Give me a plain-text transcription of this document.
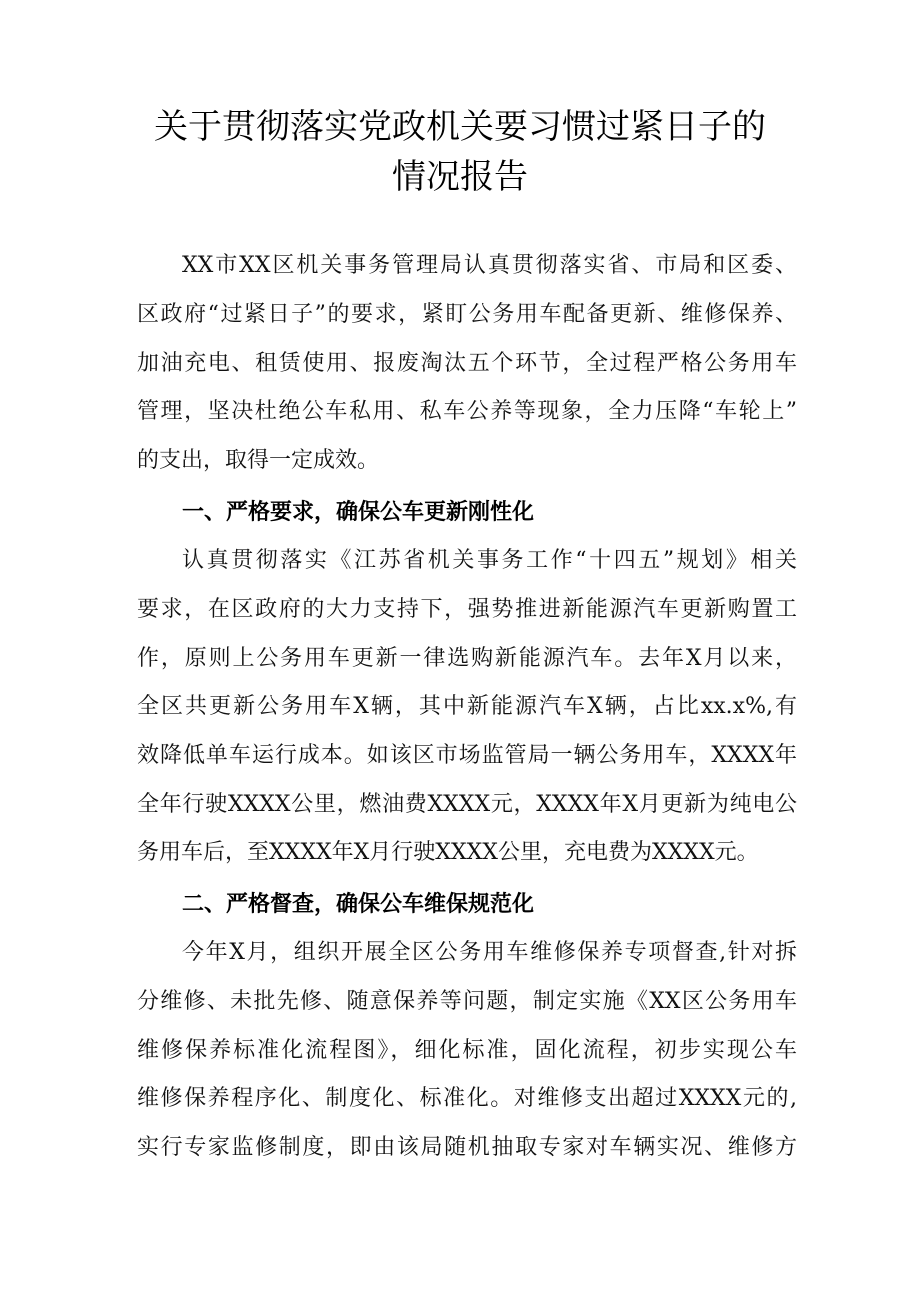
关于贯彻落实党政机关要习惯过紧日子的
情况报告

XX市XX区机关事务管理局认真贯彻落实省、市局和区委、

区政府“过紧日子”的要求，紧盯公务用车配备更新、维修保养、

加油充电、租赁使用、报废淘汰五个环节，全过程严格公务用车

管理，坚决杜绝公车私用、私车公养等现象，全力压降“车轮上”

的支出，取得一定成效。

一、严格要求，确保公车更新刚性化

认真贯彻落实《江苏省机关事务工作“十四五”规划》相关

要求，在区政府的大力支持下，强势推进新能源汽车更新购置工

作，原则上公务用车更新一律选购新能源汽车。去年X月以来，

全区共更新公务用车X辆，其中新能源汽车X辆，占比xx.x%,有

效降低单车运行成本。如该区市场监管局一辆公务用车，XXXX年

全年行驶XXXX公里，燃油费XXXX元，XXXX年X月更新为纯电公

务用车后，至XXXX年X月行驶XXXX公里，充电费为XXXX元。

二、严格督查，确保公车维保规范化

今年X月，组织开展全区公务用车维修保养专项督查,针对拆

分维修、未批先修、随意保养等问题，制定实施《XX区公务用车

维修保养标准化流程图》，细化标准，固化流程，初步实现公车

维修保养程序化、制度化、标准化。对维修支出超过XXXX元的,

实行专家监修制度，即由该局随机抽取专家对车辆实况、维修方
